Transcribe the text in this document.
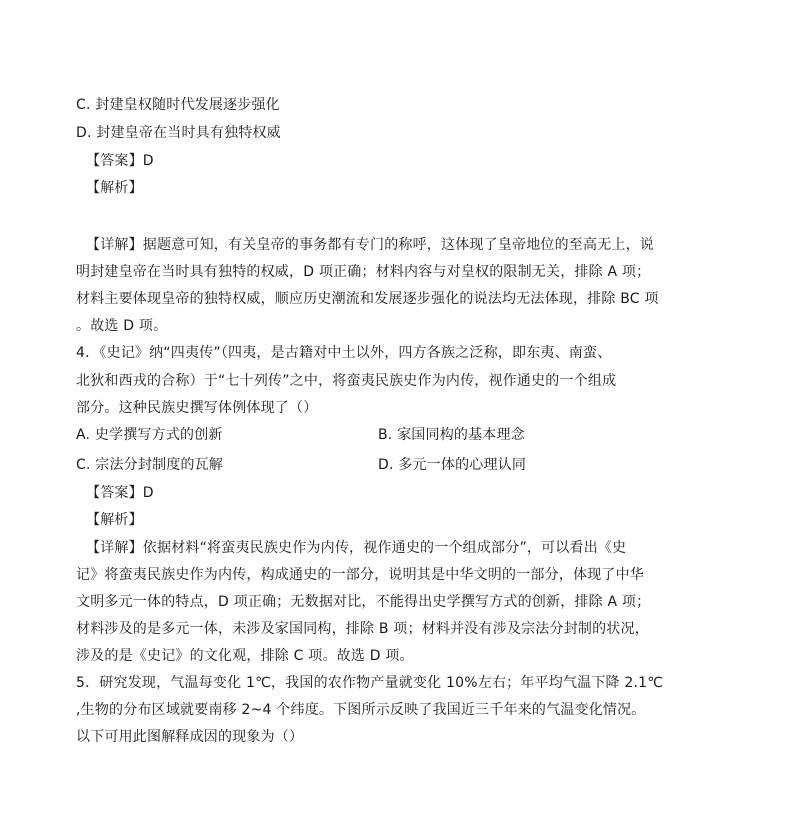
C. 封建皇权随时代发展逐步强化
D. 封建皇帝在当时具有独特权威
【答案】D
【解析】
【详解】据题意可知，有关皇帝的事务都有专门的称呼，这体现了皇帝地位的至高无上，说
明封建皇帝在当时具有独特的权威，D 项正确；材料内容与对皇权的限制无关，排除 A 项；
材料主要体现皇帝的独特权威，顺应历史潮流和发展逐步强化的说法均无法体现，排除 BC 项
。故选 D 项。
4．《史记》纳“四夷传”（四夷，是古籍对中土以外，四方各族之泛称，即东夷、南蛮、
北狄和西戎的合称）于“七十列传”之中，将蛮夷民族史作为内传，视作通史的一个组成
部分。这种民族史撰写体例体现了（）
A. 史学撰写方式的创新	B. 家国同构的基本理念
C. 宗法分封制度的瓦解	D. 多元一体的心理认同
【答案】D
【解析】
【详解】依据材料“将蛮夷民族史作为内传，视作通史的一个组成部分”，可以看出《史
记》将蛮夷民族史作为内传，构成通史的一部分，说明其是中华文明的一部分，体现了中华
文明多元一体的特点，D 项正确；无数据对比，不能得出史学撰写方式的创新，排除 A 项；
材料涉及的是多元一体，未涉及家国同构，排除 B 项；材料并没有涉及宗法分封制的状况，
涉及的是《史记》的文化观，排除 C 项。故选 D 项。
5．研究发现，气温每变化 1℃，我国的农作物产量就变化 10%左右；年平均气温下降 2.1℃
,生物的分布区域就要南移 2~4 个纬度。下图所示反映了我国近三千年来的气温变化情况。
以下可用此图解释成因的现象为（）
